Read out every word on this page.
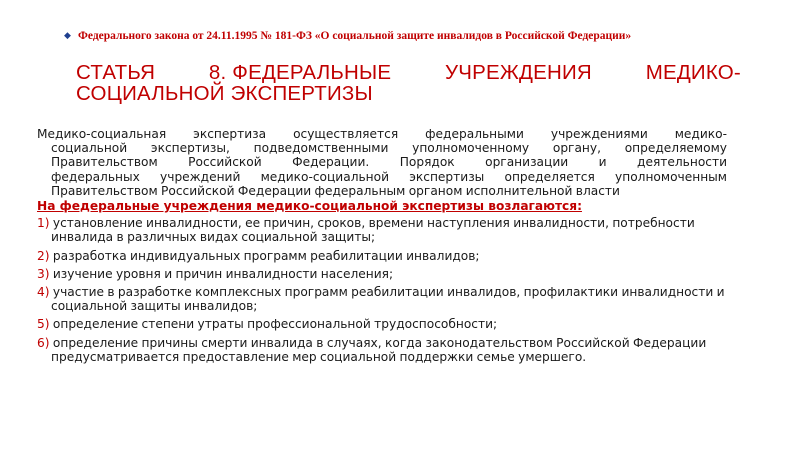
◆ Федерального закона от 24.11.1995 № 181-ФЗ «О социальной защите инвалидов в Российской Федерации»
СТАТЬЯ	8. ФЕДЕРАЛЬНЫЕ	УЧРЕЖДЕНИЯ	МЕДИКО-
СОЦИАЛЬНОЙ ЭКСПЕРТИЗЫ
Медико-социальная экспертиза осуществляется федеральными учреждениями медико-
социальной экспертизы, подведомственными уполномоченному органу, определяемому
Правительством Российской Федерации. Порядок организации и деятельности
федеральных учреждений медико-социальной экспертизы определяется уполномоченным
Правительством Российской Федерации федеральным органом исполнительной власти
На федеральные учреждения медико-социальной экспертизы возлагаются:
1) установление инвалидности, ее причин, сроков, времени наступления инвалидности, потребности инвалида в различных видах социальной защиты;
2) разработка индивидуальных программ реабилитации инвалидов;
3) изучение уровня и причин инвалидности населения;
4) участие в разработке комплексных программ реабилитации инвалидов, профилактики инвалидности и социальной защиты инвалидов;
5) определение степени утраты профессиональной трудоспособности;
6) определение причины смерти инвалида в случаях, когда законодательством Российской Федерации предусматривается предоставление мер социальной поддержки семье умершего.
